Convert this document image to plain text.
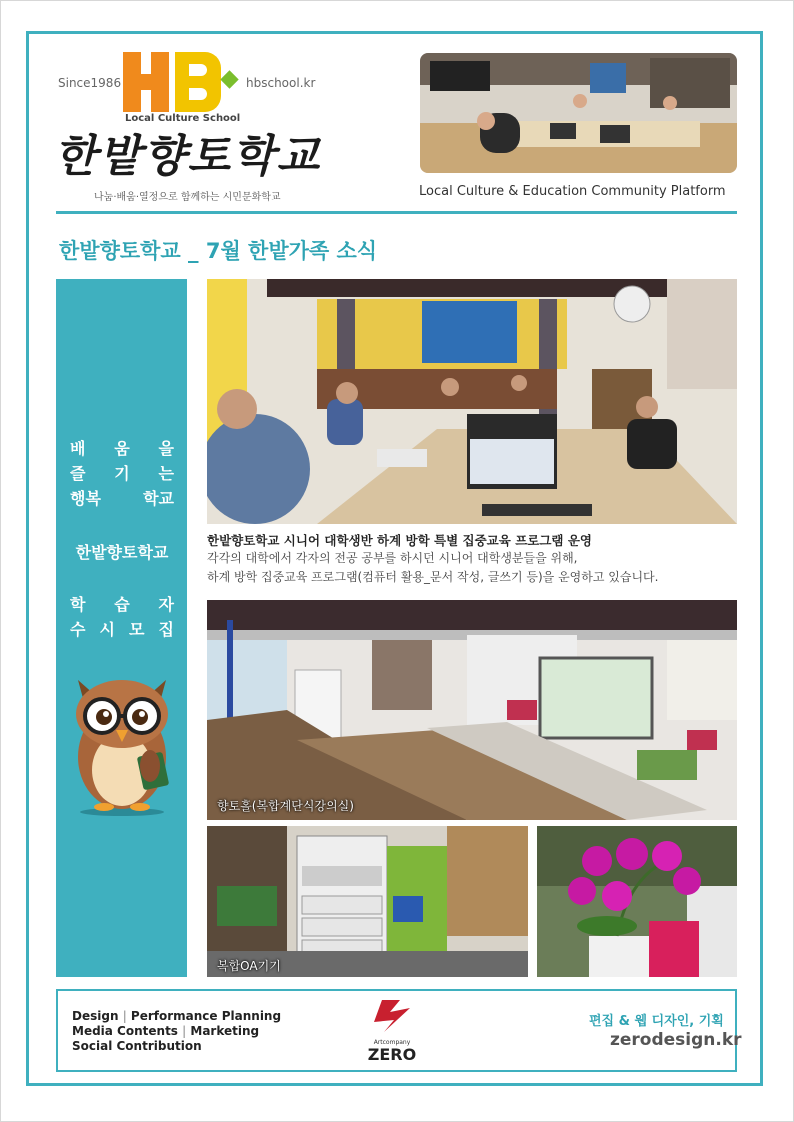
Since1986	hbschool.kr
Local Culture School
한밭향토학교
나눔·배움·열정으로 함께하는 시민문화학교	Local Culture & Education Community Platform
한밭향토학교 _ 7월 한밭가족 소식
배 움 을
즐 기 는
행복	학교
한밭향토학교
학 습 자
수 시 모 집
한밭향토학교 시니어 대학생반 하계 방학 특별 집중교육 프로그램 운영
각각의 대학에서 각자의 전공 공부를 하시던 시니어 대학생분들을 위해,
하계 방학 집중교육 프로그램(컴퓨터 활용_문서 작성, 글쓰기 등)을 운영하고 있습니다.
향토홀(복합계단식강의실)
복합OA기기
Design | Performance Planning
Media Contents | Marketing
Social Contribution	Artcompany
ZERO
편집 & 웹 디자인, 기획
zerodesign.kr
